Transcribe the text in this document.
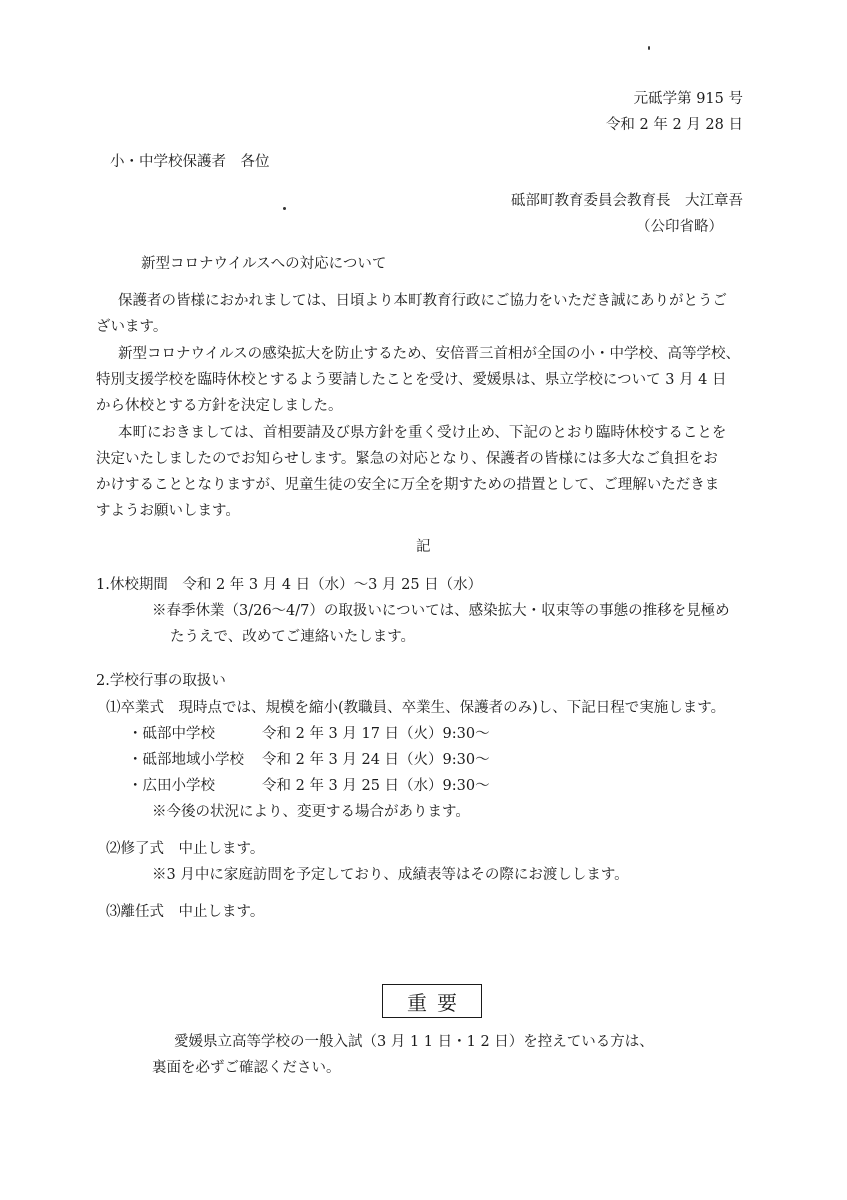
元砥学第 915 号
令和 2 年 2 月 28 日
小・中学校保護者　各位
砥部町教育委員会教育長　大江章吾
（公印省略）
新型コロナウイルスへの対応について
保護者の皆様におかれましては、日頃より本町教育行政にご協力をいただき誠にありがとうご
ざいます。
新型コロナウイルスの感染拡大を防止するため、安倍晋三首相が全国の小・中学校、高等学校、
特別支援学校を臨時休校とするよう要請したことを受け、愛媛県は、県立学校について 3 月 4 日
から休校とする方針を決定しました。
本町におきましては、首相要請及び県方針を重く受け止め、下記のとおり臨時休校することを
決定いたしましたのでお知らせします。緊急の対応となり、保護者の皆様には多大なご負担をお
かけすることとなりますが、児童生徒の安全に万全を期すための措置として、ご理解いただきま
すようお願いします。
記
1.休校期間　令和 2 年 3 月 4 日（水）～3 月 25 日（水）
※春季休業（3/26～4/7）の取扱いについては、感染拡大・収束等の事態の推移を見極め
たうえで、改めてご連絡いたします。
2.学校行事の取扱い
⑴卒業式　現時点では、規模を縮小(教職員、卒業生、保護者のみ)し、下記日程で実施します。
・砥部中学校	令和 2 年 3 月 17 日（火）9:30～
・砥部地域小学校 令和 2 年 3 月 24 日（火）9:30～
・広田小学校	令和 2 年 3 月 25 日（水）9:30～
※今後の状況により、変更する場合があります。
⑵修了式　中止します。
※3 月中に家庭訪問を予定しており、成績表等はその際にお渡しします。
⑶離任式　中止します。
重要
愛媛県立高等学校の一般入試（3 月 1 1 日・1 2 日）を控えている方は、
裏面を必ずご確認ください。
